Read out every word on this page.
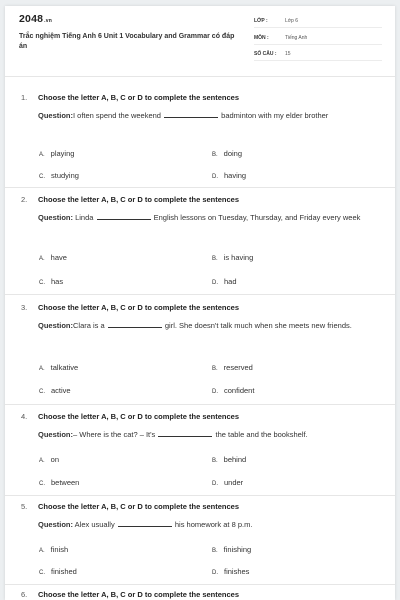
2048.vn
Trắc nghiệm Tiếng Anh 6 Unit 1 Vocabulary and Grammar có đáp án
LỚP :	Lớp 6
MÔN :	Tiếng Anh
SỐ CÂU : 15
1. Choose the letter A, B, C or D to complete the sentences
Question:I often spend the weekend	badminton with my elder brother
A. playing	B. doing
C. studying	D. having
2. Choose the letter A, B, C or D to complete the sentences
Question: Linda	English lessons on Tuesday, Thursday, and Friday every week
A. have	B. is having
C. has	D. had
3. Choose the letter A, B, C or D to complete the sentences
Question:Clara is a	girl. She doesn't talk much when she meets new friends.
A. talkative	B. reserved
C. active	D. confident
4. Choose the letter A, B, C or D to complete the sentences
Question:– Where is the cat? – It's	the table and the bookshelf.
A. on	B. behind
C. between	D. under
5. Choose the letter A, B, C or D to complete the sentences
Question: Alex usually	his homework at 8 p.m.
A. finish	B. finishing
C. finished	D. finishes
6. Choose the letter A, B, C or D to complete the sentences
